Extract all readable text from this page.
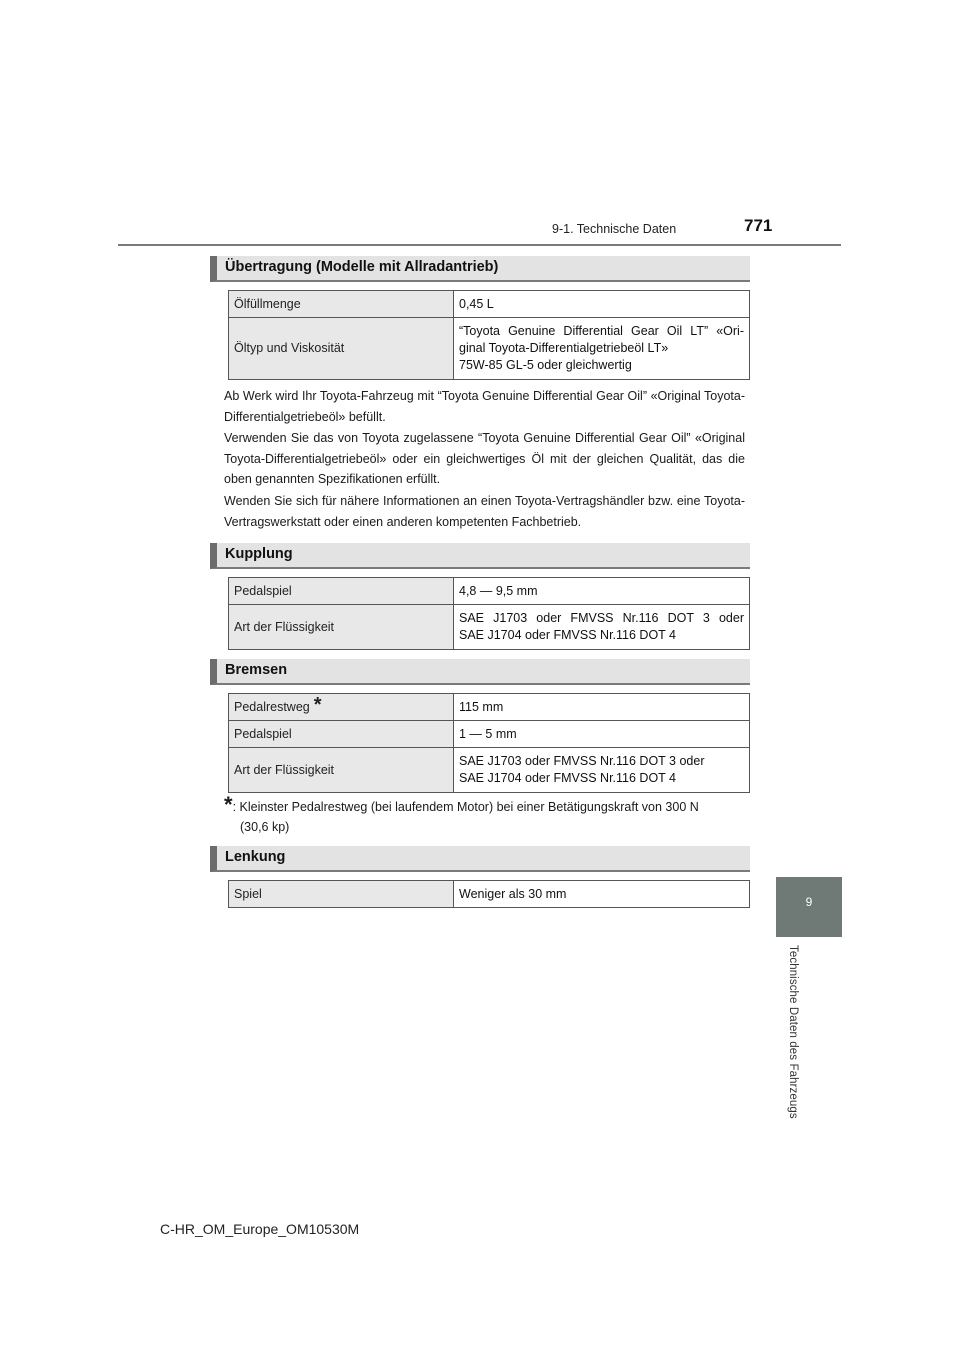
9-1. Technische Daten	771
9
Technische Daten des Fahrzeugs
Übertragung (Modelle mit Allradantrieb)
Ölfüllmenge	0,45 L
Öltyp und Viskosität	“Toyota Genuine Differential Gear Oil LT” «Ori-
ginal Toyota-Differentialgetriebeöl LT»
75W-85 GL-5 oder gleichwertig

Ab Werk wird Ihr Toyota-Fahrzeug mit “Toyota Genuine Differential Gear Oil” «Original Toyota-Differentialgetriebeöl» befüllt.

Verwenden Sie das von Toyota zugelassene “Toyota Genuine Differential Gear Oil” «Original Toyota-Differentialgetriebeöl» oder ein gleichwertiges Öl mit der gleichen Qualität, das die oben genannten Spezifikationen erfüllt.

Wenden Sie sich für nähere Informationen an einen Toyota-Vertragshändler bzw. eine Toyota-Vertragswerkstatt oder einen anderen kompetenten Fachbetrieb.

Kupplung
Pedalspiel	4,8 — 9,5 mm
Art der Flüssigkeit	SAE J1703 oder FMVSS Nr.116 DOT 3 oder
SAE J1704 oder FMVSS Nr.116 DOT 4
Bremsen
Pedalrestweg *	115 mm
Pedalspiel	1 — 5 mm
Art der Flüssigkeit	SAE J1703 oder FMVSS Nr.116 DOT 3 oder
SAE J1704 oder FMVSS Nr.116 DOT 4
*: Kleinster Pedalrestweg (bei laufendem Motor) bei einer Betätigungskraft von 300 N
(30,6 kp)
Lenkung
Spiel	Weniger als 30 mm
C-HR_OM_Europe_OM10530M
